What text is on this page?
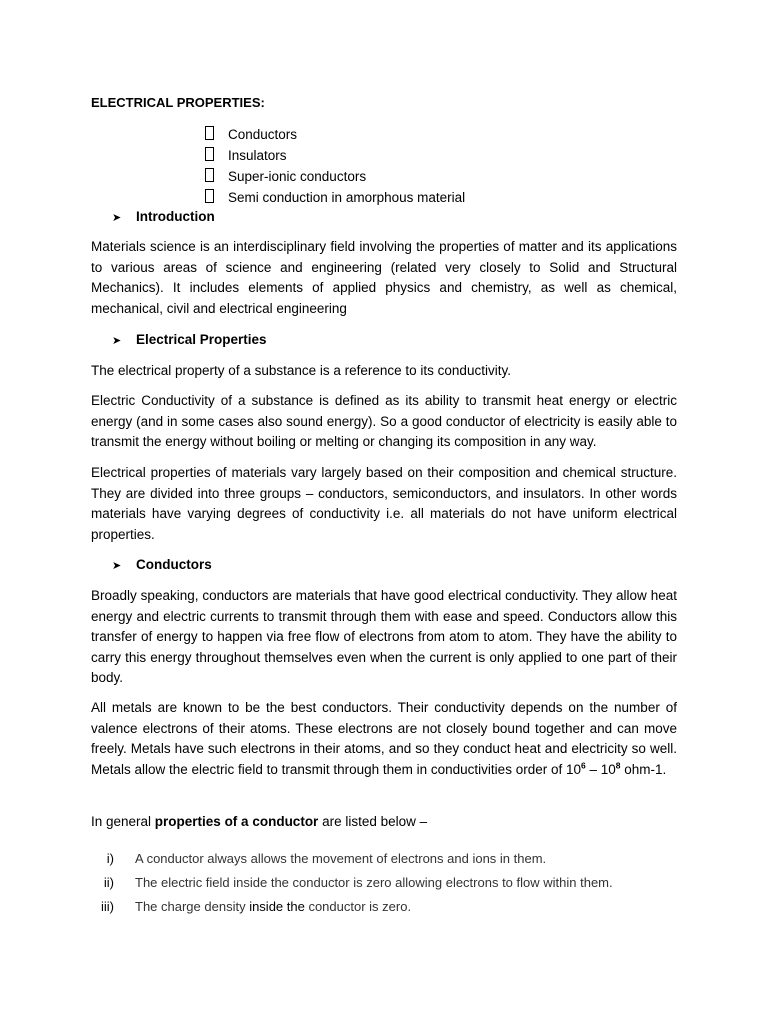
ELECTRICAL PROPERTIES:

Conductors
Insulators
Super-ionic conductors
Semi conduction in amorphous material
➤ Introduction

Materials science is an interdisciplinary field involving the properties of matter and its applications to various areas of science and engineering (related very closely to Solid and Structural Mechanics). It includes elements of applied physics and chemistry, as well as chemical, mechanical, civil and electrical engineering

➤ Electrical Properties

The electrical property of a substance is a reference to its conductivity.

Electric Conductivity of a substance is defined as its ability to transmit heat energy or electric energy (and in some cases also sound energy). So a good conductor of electricity is easily able to transmit the energy without boiling or melting or changing its composition in any way.

Electrical properties of materials vary largely based on their composition and chemical structure. They are divided into three groups – conductors, semiconductors, and insulators. In other words materials have varying degrees of conductivity i.e. all materials do not have uniform electrical properties.

➤ Conductors

Broadly speaking, conductors are materials that have good electrical conductivity. They allow heat energy and electric currents to transmit through them with ease and speed. Conductors allow this transfer of energy to happen via free flow of electrons from atom to atom. They have the ability to carry this energy throughout themselves even when the current is only applied to one part of their body.

All metals are known to be the best conductors. Their conductivity depends on the number of valence electrons of their atoms. These electrons are not closely bound together and can move freely. Metals have such electrons in their atoms, and so they conduct heat and electricity so well. Metals allow the electric field to transmit through them in conductivities order of $10^6 - 10^8$ ohm-1.

In general properties of a conductor are listed below –

i) A conductor always allows the movement of electrons and ions in them.
ii) The electric field inside the conductor is zero allowing electrons to flow within them.
iii) The charge density inside the conductor is zero.
